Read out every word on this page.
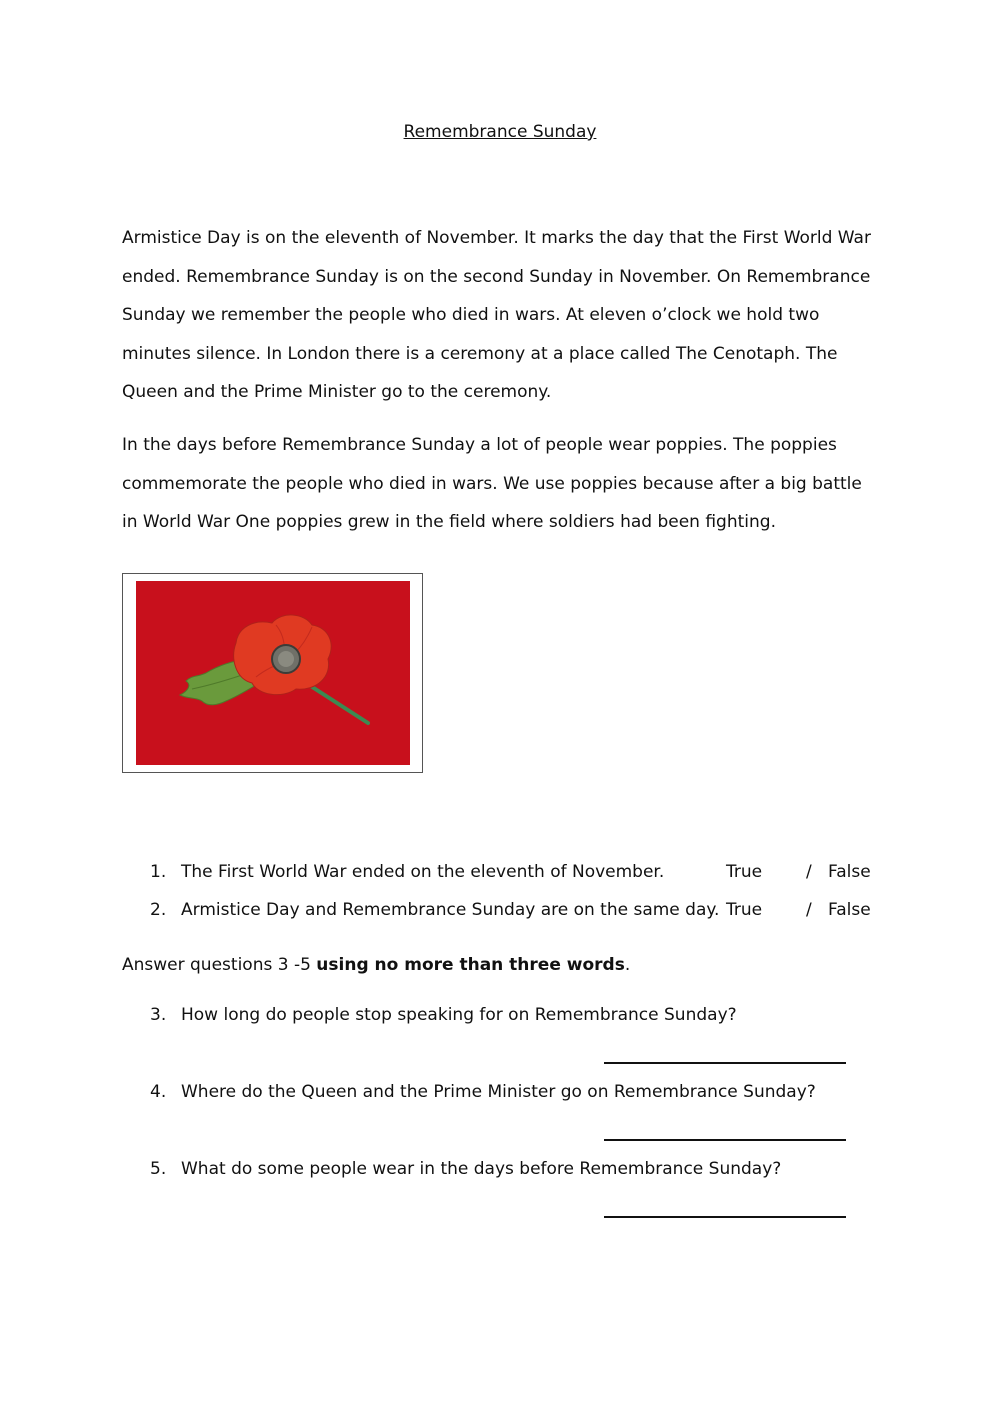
Remembrance Sunday

Armistice Day is on the eleventh of November. It marks the day that the First World War ended. Remembrance Sunday is on the second Sunday in November. On Remembrance Sunday we remember the people who died in wars. At eleven o’clock we hold two minutes silence. In London there is a ceremony at a place called The Cenotaph. The Queen and the Prime Minister go to the ceremony.

In the days before Remembrance Sunday a lot of people wear poppies. The poppies commemorate the people who died in wars. We use poppies because after a big battle in World War One poppies grew in the field where soldiers had been fighting.

1. The First World War ended on the eleventh of November.	True	/ False
2. Armistice Day and Remembrance Sunday are on the same day. True	/ False
Answer questions 3 -5 using no more than three words.
3. How long do people stop speaking for on Remembrance Sunday?
4. Where do the Queen and the Prime Minister go on Remembrance Sunday?
5. What do some people wear in the days before Remembrance Sunday?
